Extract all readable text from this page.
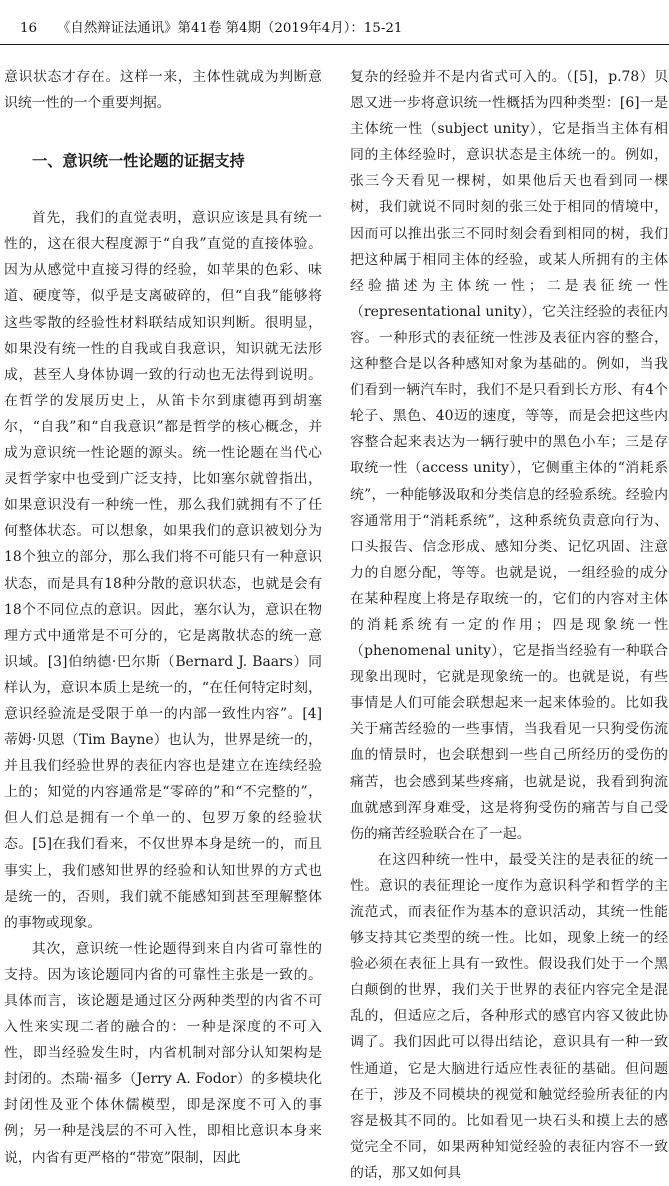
16 《自然辩证法通讯》第41卷 第4期（2019年4月）：15-21

意识状态才存在。这样一来，主体性就成为判断意识统一性的一个重要判据。

一、意识统一性论题的证据支持

首先，我们的直觉表明，意识应该是具有统一性的，这在很大程度源于“自我”直觉的直接体验。因为从感觉中直接习得的经验，如苹果的色彩、味道、硬度等，似乎是支离破碎的，但“自我”能够将这些零散的经验性材料联结成知识判断。很明显，如果没有统一性的自我或自我意识，知识就无法形成，甚至人身体协调一致的行动也无法得到说明。在哲学的发展历史上，从笛卡尔到康德再到胡塞尔，“自我”和“自我意识”都是哲学的核心概念，并成为意识统一性论题的源头。统一性论题在当代心灵哲学家中也受到广泛支持，比如塞尔就曾指出，如果意识没有一种统一性，那么我们就拥有不了任何整体状态。可以想象，如果我们的意识被划分为18个独立的部分，那么我们将不可能只有一种意识状态，而是具有18种分散的意识状态，也就是会有18个不同位点的意识。因此，塞尔认为，意识在物理方式中通常是不可分的，它是离散状态的统一意识域。[3]伯纳德·巴尔斯（Bernard J. Baars）同样认为，意识本质上是统一的，“在任何特定时刻，意识经验流是受限于单一的内部一致性内容”。[4]蒂姆·贝恩（Tim Bayne）也认为，世界是统一的，并且我们经验世界的表征内容也是建立在连续经验上的；知觉的内容通常是“零碎的”和“不完整的”，但人们总是拥有一个单一的、包罗万象的经验状态。[5]在我们看来，不仅世界本身是统一的，而且事实上，我们感知世界的经验和认知世界的方式也是统一的，否则，我们就不能感知到甚至理解整体的事物或现象。

其次，意识统一性论题得到来自内省可靠性的支持。因为该论题同内省的可靠性主张是一致的。具体而言，该论题是通过区分两种类型的内省不可入性来实现二者的融合的：一种是深度的不可入性，即当经验发生时，内省机制对部分认知架构是封闭的。杰瑞·福多（Jerry A. Fodor）的多模块化封闭性及亚个体休儒模型，即是深度不可入的事例；另一种是浅层的不可入性，即相比意识本身来说，内省有更严格的“带宽”限制，因此

复杂的经验并不是内省式可入的。（[5]，p.78）贝恩又进一步将意识统一性概括为四种类型：[6]一是主体统一性（subject unity），它是指当主体有相同的主体经验时，意识状态是主体统一的。例如，张三今天看见一棵树，如果他后天也看到同一棵树，我们就说不同时刻的张三处于相同的情境中，因而可以推出张三不同时刻会看到相同的树，我们把这种属于相同主体的经验，或某人所拥有的主体经验描述为主体统一性；二是表征统一性（representational unity），它关注经验的表征内容。一种形式的表征统一性涉及表征内容的整合，这种整合是以各种感知对象为基础的。例如，当我们看到一辆汽车时，我们不是只看到长方形、有4个轮子、黑色、40迈的速度，等等，而是会把这些内容整合起来表达为一辆行驶中的黑色小车；三是存取统一性（access unity），它侧重主体的“消耗系统”，一种能够汲取和分类信息的经验系统。经验内容通常用于“消耗系统”，这种系统负责意向行为、口头报告、信念形成、感知分类、记忆巩固、注意力的自愿分配，等等。也就是说，一组经验的成分在某种程度上将是存取统一的，它们的内容对主体的消耗系统有一定的作用；四是现象统一性（phenomenal unity），它是指当经验有一种联合现象出现时，它就是现象统一的。也就是说，有些事情是人们可能会联想起来一起来体验的。比如我关于痛苦经验的一些事情，当我看见一只狗受伤流血的情景时，也会联想到一些自己所经历的受伤的痛苦，也会感到某些疼痛，也就是说，我看到狗流血就感到浑身难受，这是将狗受伤的痛苦与自己受伤的痛苦经验联合在了一起。

在这四种统一性中，最受关注的是表征的统一性。意识的表征理论一度作为意识科学和哲学的主流范式，而表征作为基本的意识活动，其统一性能够支持其它类型的统一性。比如，现象上统一的经验必须在表征上具有一致性。假设我们处于一个黑白颠倒的世界，我们关于世界的表征内容完全是混乱的，但适应之后，各种形式的感官内容又彼此协调了。我们因此可以得出结论，意识具有一种一致性通道，它是大脑进行适应性表征的基础。但问题在于，涉及不同模块的视觉和触觉经验所表征的内容是极其不同的。比如看见一块石头和摸上去的感觉完全不同，如果两种知觉经验的表征内容不一致的话，那又如何具
